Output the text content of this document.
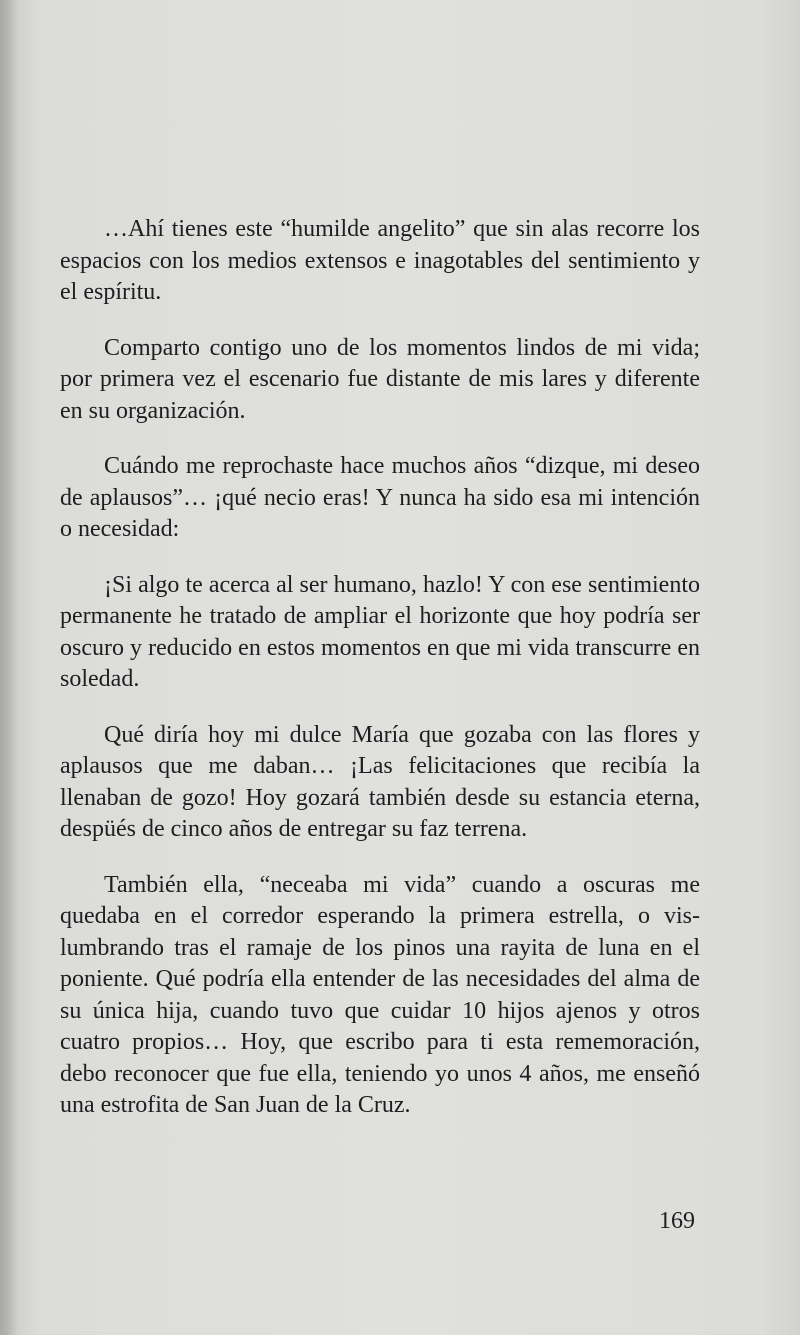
…Ahí tienes este “humilde angelito” que sin alas recorre los espacios con los medios extensos e inagotables del sentimiento y el espíritu.

Comparto contigo uno de los momentos lindos de mi vida; por primera vez el escenario fue distante de mis lares y diferente en su organización.

Cuándo me reprochaste hace muchos años “dizque, mi deseo de aplausos”… ¡qué necio eras! Y nunca ha sido esa mi intención o necesidad:

¡Si algo te acerca al ser humano, hazlo! Y con ese sentimiento permanente he tratado de ampliar el horizonte que hoy podría ser oscuro y reducido en estos momentos en que mi vida transcurre en soledad.

Qué diría hoy mi dulce María que gozaba con las flores y aplausos que me daban… ¡Las felicitaciones que recibía la llenaban de gozo! Hoy gozará también desde su estancia eterna, despüés de cinco años de entregar su faz terrena.

También ella, “neceaba mi vida” cuando a oscuras me quedaba en el corredor esperando la primera estrella, o vislumbrando tras el ramaje de los pinos una rayita de luna en el poniente. Qué podría ella entender de las necesidades del alma de su única hija, cuando tuvo que cuidar 10 hijos ajenos y otros cuatro propios… Hoy, que escribo para ti esta rememoración, debo reconocer que fue ella, teniendo yo unos 4 años, me enseñó una estrofita de San Juan de la Cruz.

169
